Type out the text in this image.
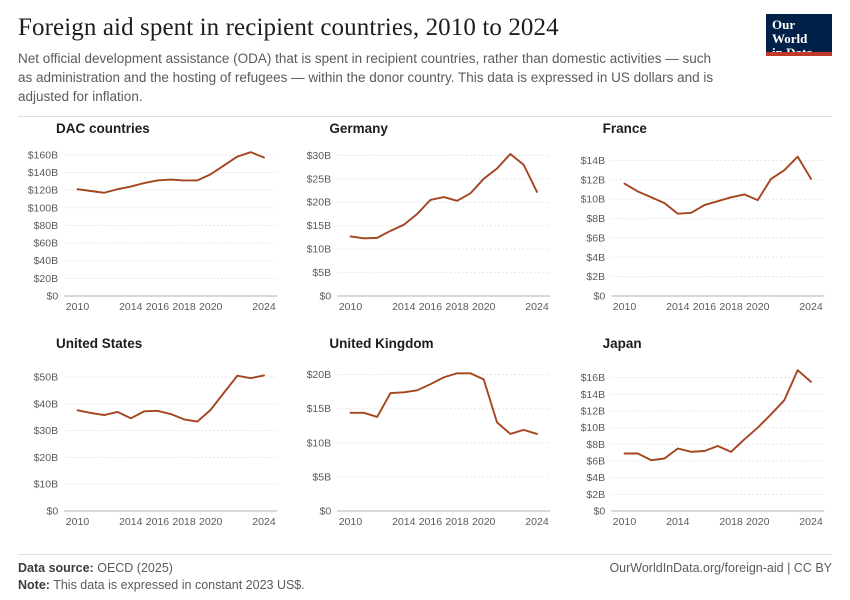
Foreign aid spent in recipient countries, 2010 to 2024

Net official development assistance (ODA) that is spent in recipient countries, rather than domestic activities — such as administration and the hosting of refugees — within the donor country. This data is expressed in US dollars and is adjusted for inflation.

Our World
DAC countries
$0
$20B
$40B
$60B
$80B
$100B
$120B
$140B
$160B
2010	2014 2016 2018 2020	2024
Germany
$0
$5B
$10B
$15B
$20B
$25B
$30B
2010	2014 2016 2018 2020	2024
France
$0
$2B
$4B
$6B
$8B
$10B
$12B
$14B
2010	2014 2016 2018 2020	2024
United States
$0
$10B
$20B
$30B
$40B
$50B
2010	2014 2016 2018 2020	2024
United Kingdom
$0
$5B
$10B
$15B
$20B
2010	2014 2016 2018 2020	2024
Japan
$0
$2B
$4B
$6B
$8B
$10B
$12B
$14B
$16B
2010	2014	2018 2020	2024
Data source: OECD (2025)	OurWorldInData.org/foreign-aid | CC BY
Note: This data is expressed in constant 2023 US$.
